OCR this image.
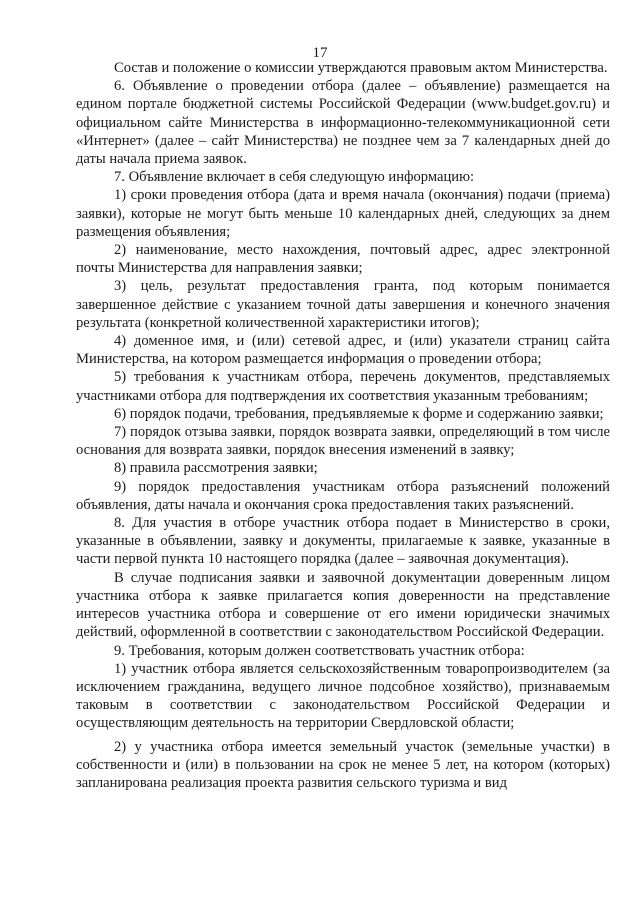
17

Состав и положение о комиссии утверждаются правовым актом Министерства.

6. Объявление о проведении отбора (далее – объявление) размещается на едином портале бюджетной системы Российской Федерации (www.budget.gov.ru) и официальном сайте Министерства в информационно-телекоммуникационной сети «Интернет» (далее – сайт Министерства) не позднее чем за 7 календарных дней до даты начала приема заявок.

7. Объявление включает в себя следующую информацию:

1) сроки проведения отбора (дата и время начала (окончания) подачи (приема) заявки), которые не могут быть меньше 10 календарных дней, следующих за днем размещения объявления;

2) наименование, место нахождения, почтовый адрес, адрес электронной почты Министерства для направления заявки;

3) цель, результат предоставления гранта, под которым понимается завершенное действие с указанием точной даты завершения и конечного значения результата (конкретной количественной характеристики итогов);

4) доменное имя, и (или) сетевой адрес, и (или) указатели страниц сайта Министерства, на котором размещается информация о проведении отбора;

5) требования к участникам отбора, перечень документов, представляемых участниками отбора для подтверждения их соответствия указанным требованиям;

6) порядок подачи, требования, предъявляемые к форме и содержанию заявки;

7) порядок отзыва заявки, порядок возврата заявки, определяющий в том числе основания для возврата заявки, порядок внесения изменений в заявку;

8) правила рассмотрения заявки;

9) порядок предоставления участникам отбора разъяснений положений объявления, даты начала и окончания срока предоставления таких разъяснений.

8. Для участия в отборе участник отбора подает в Министерство в сроки, указанные в объявлении, заявку и документы, прилагаемые к заявке, указанные в части первой пункта 10 настоящего порядка (далее – заявочная документация).

В случае подписания заявки и заявочной документации доверенным лицом участника отбора к заявке прилагается копия доверенности на представление интересов участника отбора и совершение от его имени юридически значимых действий, оформленной в соответствии с законодательством Российской Федерации.

9. Требования, которым должен соответствовать участник отбора:

1) участник отбора является сельскохозяйственным товаропроизводителем (за исключением гражданина, ведущего личное подсобное хозяйство), признаваемым таковым в соответствии с законодательством Российской Федерации и осуществляющим деятельность на территории Свердловской области;

2) у участника отбора имеется земельный участок (земельные участки) в собственности и (или) в пользовании на срок не менее 5 лет, на котором (которых) запланирована реализация проекта развития сельского туризма и вид
